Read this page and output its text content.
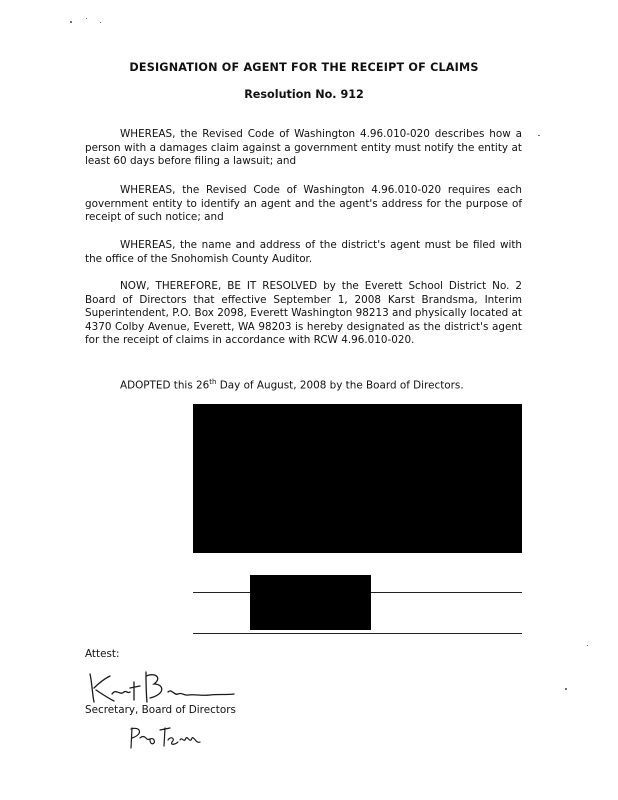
DESIGNATION OF AGENT FOR THE RECEIPT OF CLAIMS
Resolution No. 912

WHEREAS, the Revised Code of Washington 4.96.010-020 describes how a person with a damages claim against a government entity must notify the entity at least 60 days before filing a lawsuit; and

WHEREAS, the Revised Code of Washington 4.96.010-020 requires each government entity to identify an agent and the agent's address for the purpose of receipt of such notice; and

WHEREAS, the name and address of the district's agent must be filed with the office of the Snohomish County Auditor.

NOW, THEREFORE, BE IT RESOLVED by the Everett School District No. 2 Board of Directors that effective September 1, 2008 Karst Brandsma, Interim Superintendent, P.O. Box 2098, Everett Washington 98213 and physically located at 4370 Colby Avenue, Everett, WA 98203 is hereby designated as the district's agent for the receipt of claims in accordance with RCW 4.96.010-020.

ADOPTED this 26th Day of August, 2008 by the Board of Directors.
Attest:
Secretary, Board of Directors
